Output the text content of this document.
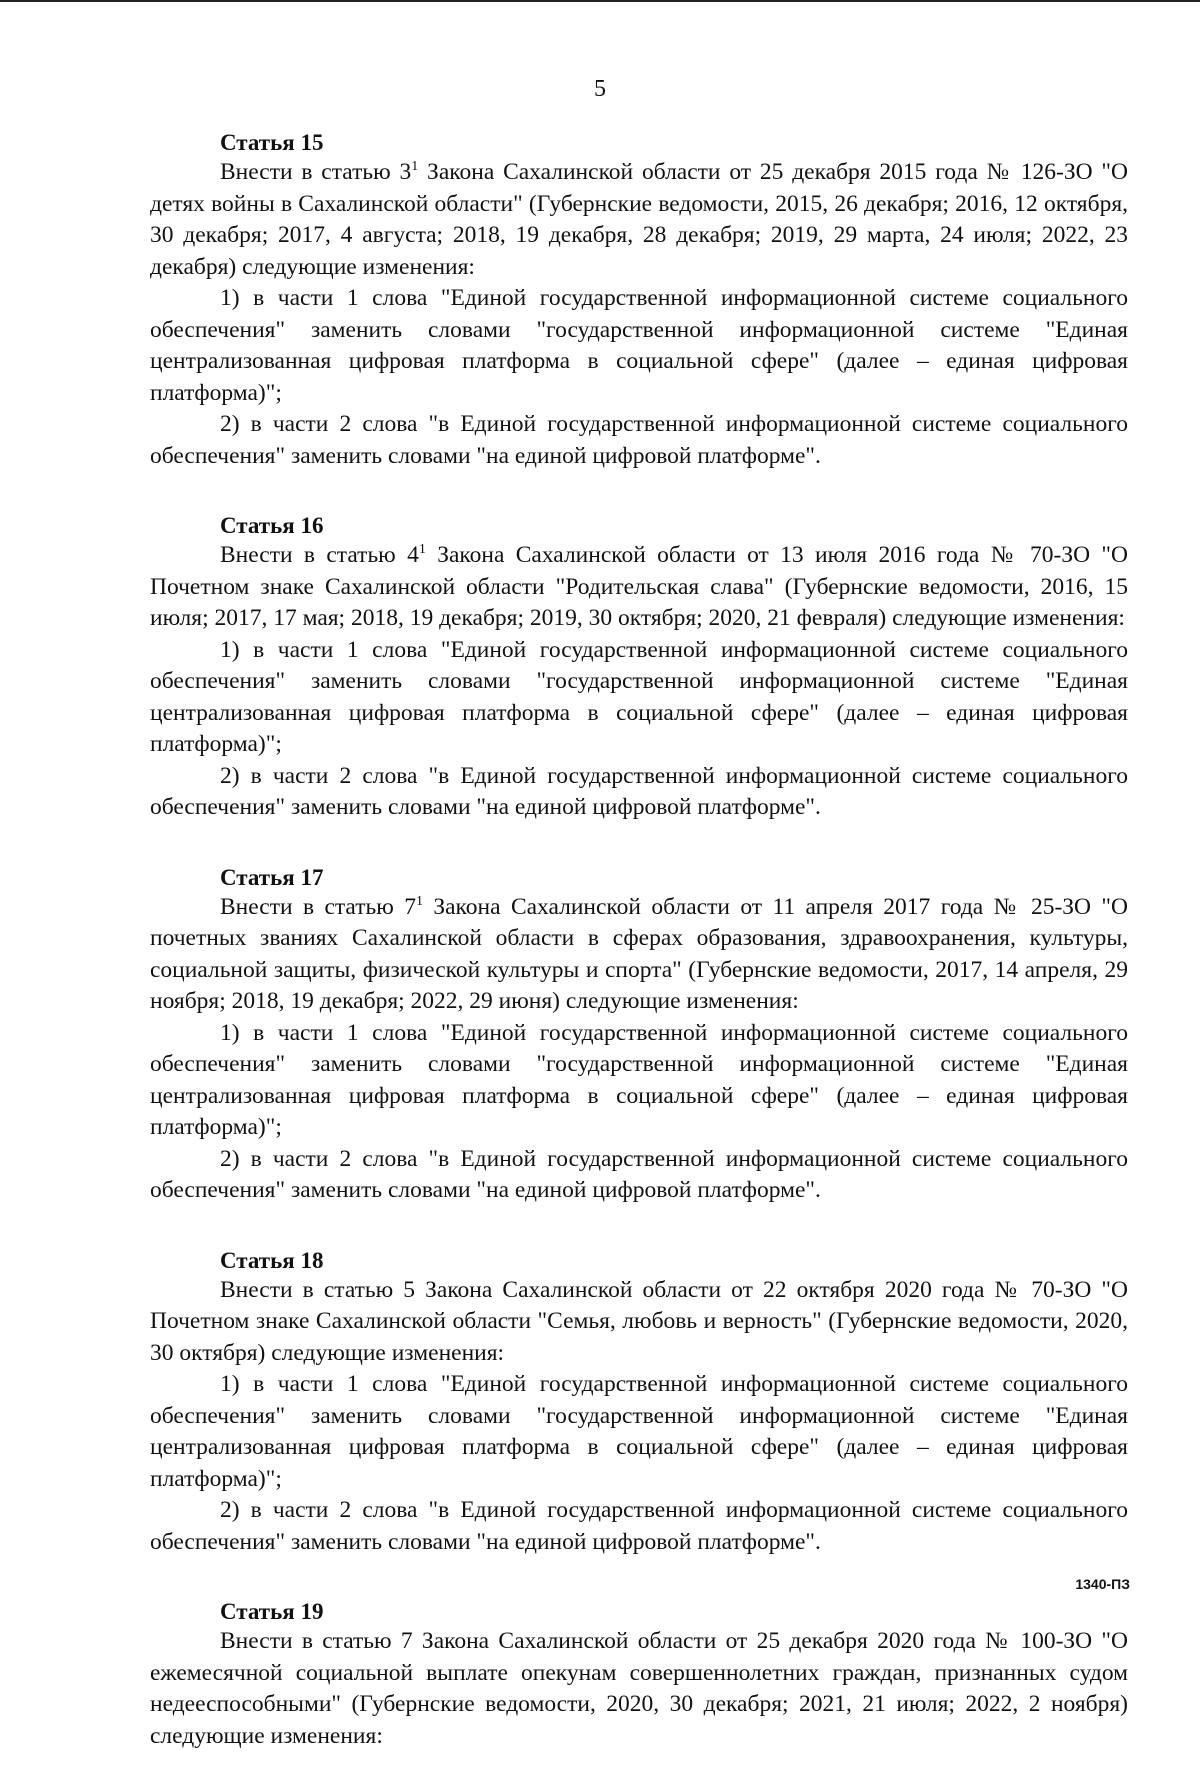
5
Статья 15

Внести в статью $3^1$ Закона Сахалинской области от 25 декабря 2015 года № 126-ЗО "О детях войны в Сахалинской области" (Губернские ведомости, 2015, 26 декабря; 2016, 12 октября, 30 декабря; 2017, 4 августа; 2018, 19 декабря, 28 декабря; 2019, 29 марта, 24 июля; 2022, 23 декабря) следующие изменения:

1) в части 1 слова "Единой государственной информационной системе социального обеспечения" заменить словами "государственной информационной системе "Единая централизованная цифровая платформа в социальной сфере" (далее – единая цифровая платформа)";

2) в части 2 слова "в Единой государственной информационной системе социального обеспечения" заменить словами "на единой цифровой платформе".

Статья 16

Внести в статью $4^1$ Закона Сахалинской области от 13 июля 2016 года № 70-ЗО "О Почетном знаке Сахалинской области "Родительская слава" (Губернские ведомости, 2016, 15 июля; 2017, 17 мая; 2018, 19 декабря; 2019, 30 октября; 2020, 21 февраля) следующие изменения:

1) в части 1 слова "Единой государственной информационной системе социального обеспечения" заменить словами "государственной информационной системе "Единая централизованная цифровая платформа в социальной сфере" (далее – единая цифровая платформа)";

2) в части 2 слова "в Единой государственной информационной системе социального обеспечения" заменить словами "на единой цифровой платформе".

Статья 17

Внести в статью $7^1$ Закона Сахалинской области от 11 апреля 2017 года № 25-ЗО "О почетных званиях Сахалинской области в сферах образования, здравоохранения, культуры, социальной защиты, физической культуры и спорта" (Губернские ведомости, 2017, 14 апреля, 29 ноября; 2018, 19 декабря; 2022, 29 июня) следующие изменения:

1) в части 1 слова "Единой государственной информационной системе социального обеспечения" заменить словами "государственной информационной системе "Единая централизованная цифровая платформа в социальной сфере" (далее – единая цифровая платформа)";

2) в части 2 слова "в Единой государственной информационной системе социального обеспечения" заменить словами "на единой цифровой платформе".

Статья 18

Внести в статью 5 Закона Сахалинской области от 22 октября 2020 года № 70-ЗО "О Почетном знаке Сахалинской области "Семья, любовь и верность" (Губернские ведомости, 2020, 30 октября) следующие изменения:

1) в части 1 слова "Единой государственной информационной системе социального обеспечения" заменить словами "государственной информационной системе "Единая централизованная цифровая платформа в социальной сфере" (далее – единая цифровая платформа)";

2) в части 2 слова "в Единой государственной информационной системе социального обеспечения" заменить словами "на единой цифровой платформе".

Статья 19

Внести в статью 7 Закона Сахалинской области от 25 декабря 2020 года № 100-ЗО "О ежемесячной социальной выплате опекунам совершеннолетних граждан, признанных судом недееспособными" (Губернские ведомости, 2020, 30 декабря; 2021, 21 июля; 2022, 2 ноября) следующие изменения:

1340-ПЗ
